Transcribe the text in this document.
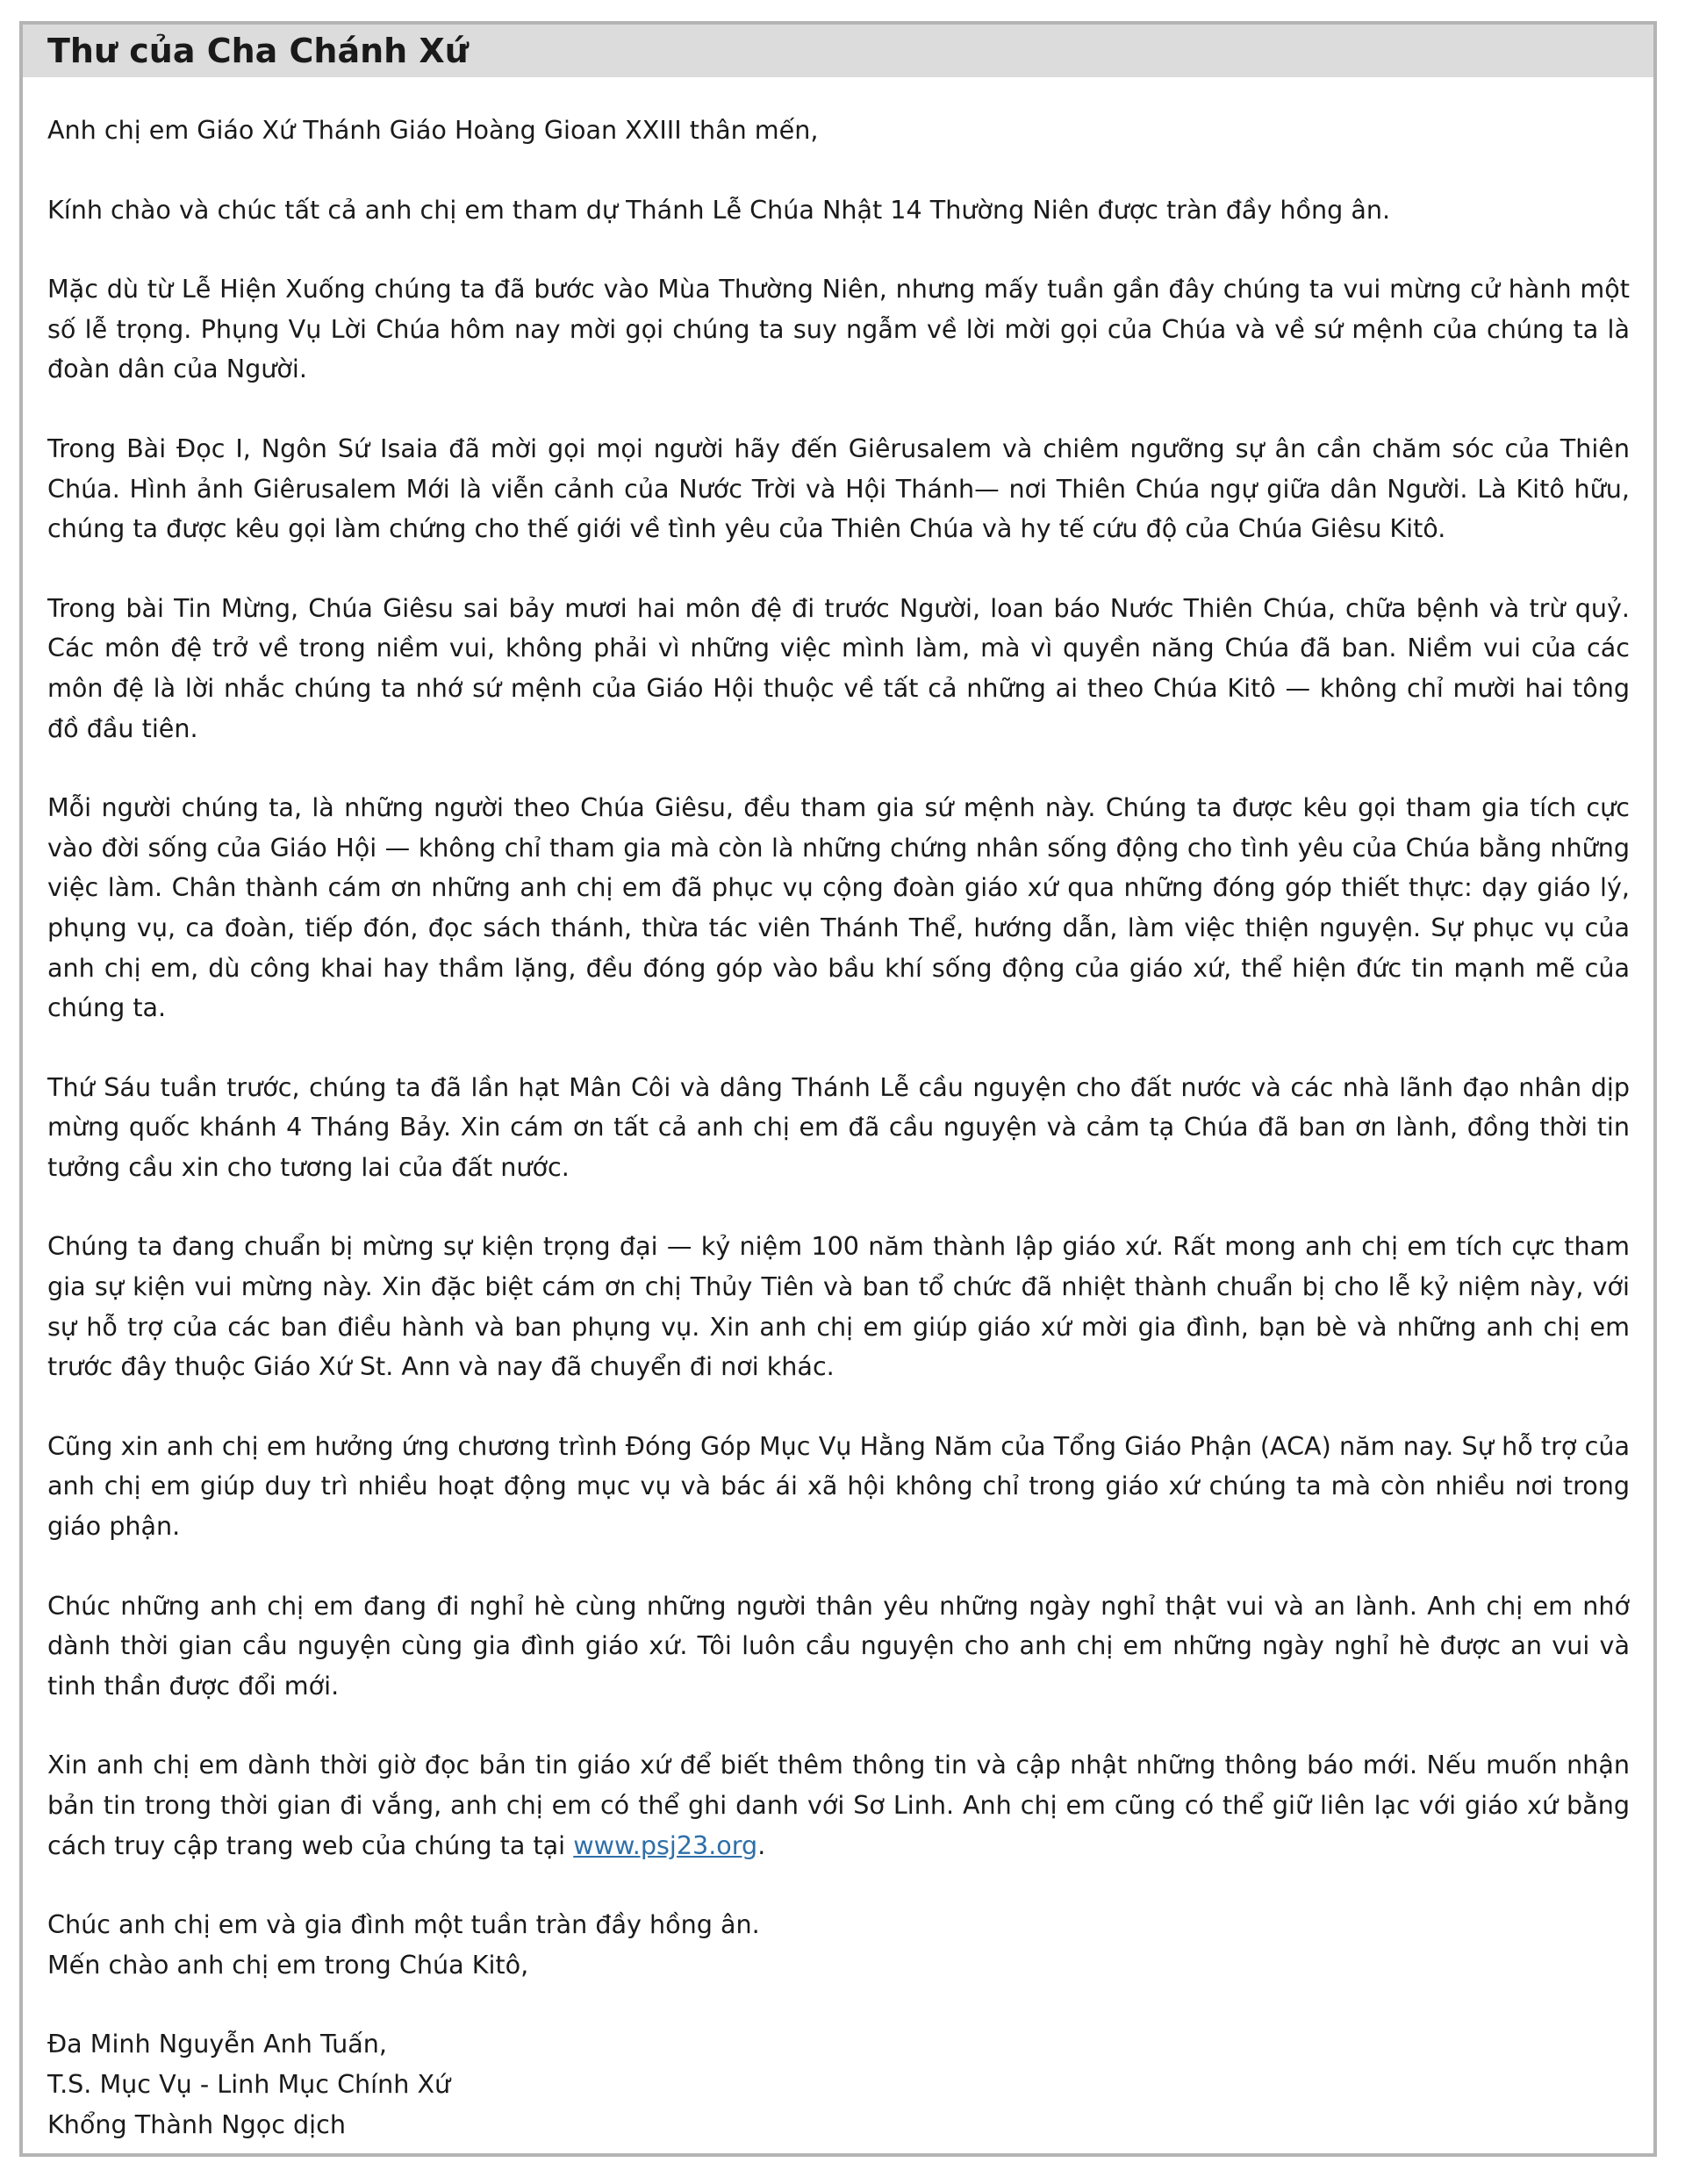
Thư của Cha Chánh Xứ

Anh chị em Giáo Xứ Thánh Giáo Hoàng Gioan XXIII thân mến,

Kính chào và chúc tất cả anh chị em tham dự Thánh Lễ Chúa Nhật 14 Thường Niên được tràn đầy hồng ân.

Mặc dù từ Lễ Hiện Xuống chúng ta đã bước vào Mùa Thường Niên, nhưng mấy tuần gần đây chúng ta vui mừng cử hành một số lễ trọng. Phụng Vụ Lời Chúa hôm nay mời gọi chúng ta suy ngẫm về lời mời gọi của Chúa và về sứ mệnh của chúng ta là đoàn dân của Người.

Trong Bài Đọc I, Ngôn Sứ Isaia đã mời gọi mọi người hãy đến Giêrusalem và chiêm ngưỡng sự ân cần chăm sóc của Thiên Chúa. Hình ảnh Giêrusalem Mới là viễn cảnh của Nước Trời và Hội Thánh— nơi Thiên Chúa ngự giữa dân Người. Là Kitô hữu, chúng ta được kêu gọi làm chứng cho thế giới về tình yêu của Thiên Chúa và hy tế cứu độ của Chúa Giêsu Kitô.

Trong bài Tin Mừng, Chúa Giêsu sai bảy mươi hai môn đệ đi trước Người, loan báo Nước Thiên Chúa, chữa bệnh và trừ quỷ. Các môn đệ trở về trong niềm vui, không phải vì những việc mình làm, mà vì quyền năng Chúa đã ban. Niềm vui của các môn đệ là lời nhắc chúng ta nhớ sứ mệnh của Giáo Hội thuộc về tất cả những ai theo Chúa Kitô — không chỉ mười hai tông đồ đầu tiên.

Mỗi người chúng ta, là những người theo Chúa Giêsu, đều tham gia sứ mệnh này. Chúng ta được kêu gọi tham gia tích cực vào đời sống của Giáo Hội — không chỉ tham gia mà còn là những chứng nhân sống động cho tình yêu của Chúa bằng những việc làm. Chân thành cám ơn những anh chị em đã phục vụ cộng đoàn giáo xứ qua những đóng góp thiết thực: dạy giáo lý, phụng vụ, ca đoàn, tiếp đón, đọc sách thánh, thừa tác viên Thánh Thể, hướng dẫn, làm việc thiện nguyện. Sự phục vụ của anh chị em, dù công khai hay thầm lặng, đều đóng góp vào bầu khí sống động của giáo xứ, thể hiện đức tin mạnh mẽ của chúng ta.

Thứ Sáu tuần trước, chúng ta đã lần hạt Mân Côi và dâng Thánh Lễ cầu nguyện cho đất nước và các nhà lãnh đạo nhân dịp mừng quốc khánh 4 Tháng Bảy. Xin cám ơn tất cả anh chị em đã cầu nguyện và cảm tạ Chúa đã ban ơn lành, đồng thời tin tưởng cầu xin cho tương lai của đất nước.

Chúng ta đang chuẩn bị mừng sự kiện trọng đại — kỷ niệm 100 năm thành lập giáo xứ. Rất mong anh chị em tích cực tham gia sự kiện vui mừng này. Xin đặc biệt cám ơn chị Thủy Tiên và ban tổ chức đã nhiệt thành chuẩn bị cho lễ kỷ niệm này, với sự hỗ trợ của các ban điều hành và ban phụng vụ. Xin anh chị em giúp giáo xứ mời gia đình, bạn bè và những anh chị em trước đây thuộc Giáo Xứ St. Ann và nay đã chuyển đi nơi khác.

Cũng xin anh chị em hưởng ứng chương trình Đóng Góp Mục Vụ Hằng Năm của Tổng Giáo Phận (ACA) năm nay. Sự hỗ trợ của anh chị em giúp duy trì nhiều hoạt động mục vụ và bác ái xã hội không chỉ trong giáo xứ chúng ta mà còn nhiều nơi trong giáo phận.

Chúc những anh chị em đang đi nghỉ hè cùng những người thân yêu những ngày nghỉ thật vui và an lành. Anh chị em nhớ dành thời gian cầu nguyện cùng gia đình giáo xứ. Tôi luôn cầu nguyện cho anh chị em những ngày nghỉ hè được an vui và tinh thần được đổi mới.

Xin anh chị em dành thời giờ đọc bản tin giáo xứ để biết thêm thông tin và cập nhật những thông báo mới. Nếu muốn nhận bản tin trong thời gian đi vắng, anh chị em có thể ghi danh với Sơ Linh. Anh chị em cũng có thể giữ liên lạc với giáo xứ bằng cách truy cập trang web của chúng ta tại www.psj23.org.

Chúc anh chị em và gia đình một tuần tràn đầy hồng ân.
Mến chào anh chị em trong Chúa Kitô,
Đa Minh Nguyễn Anh Tuấn,
T.S. Mục Vụ - Linh Mục Chính Xứ
Khổng Thành Ngọc dịch
